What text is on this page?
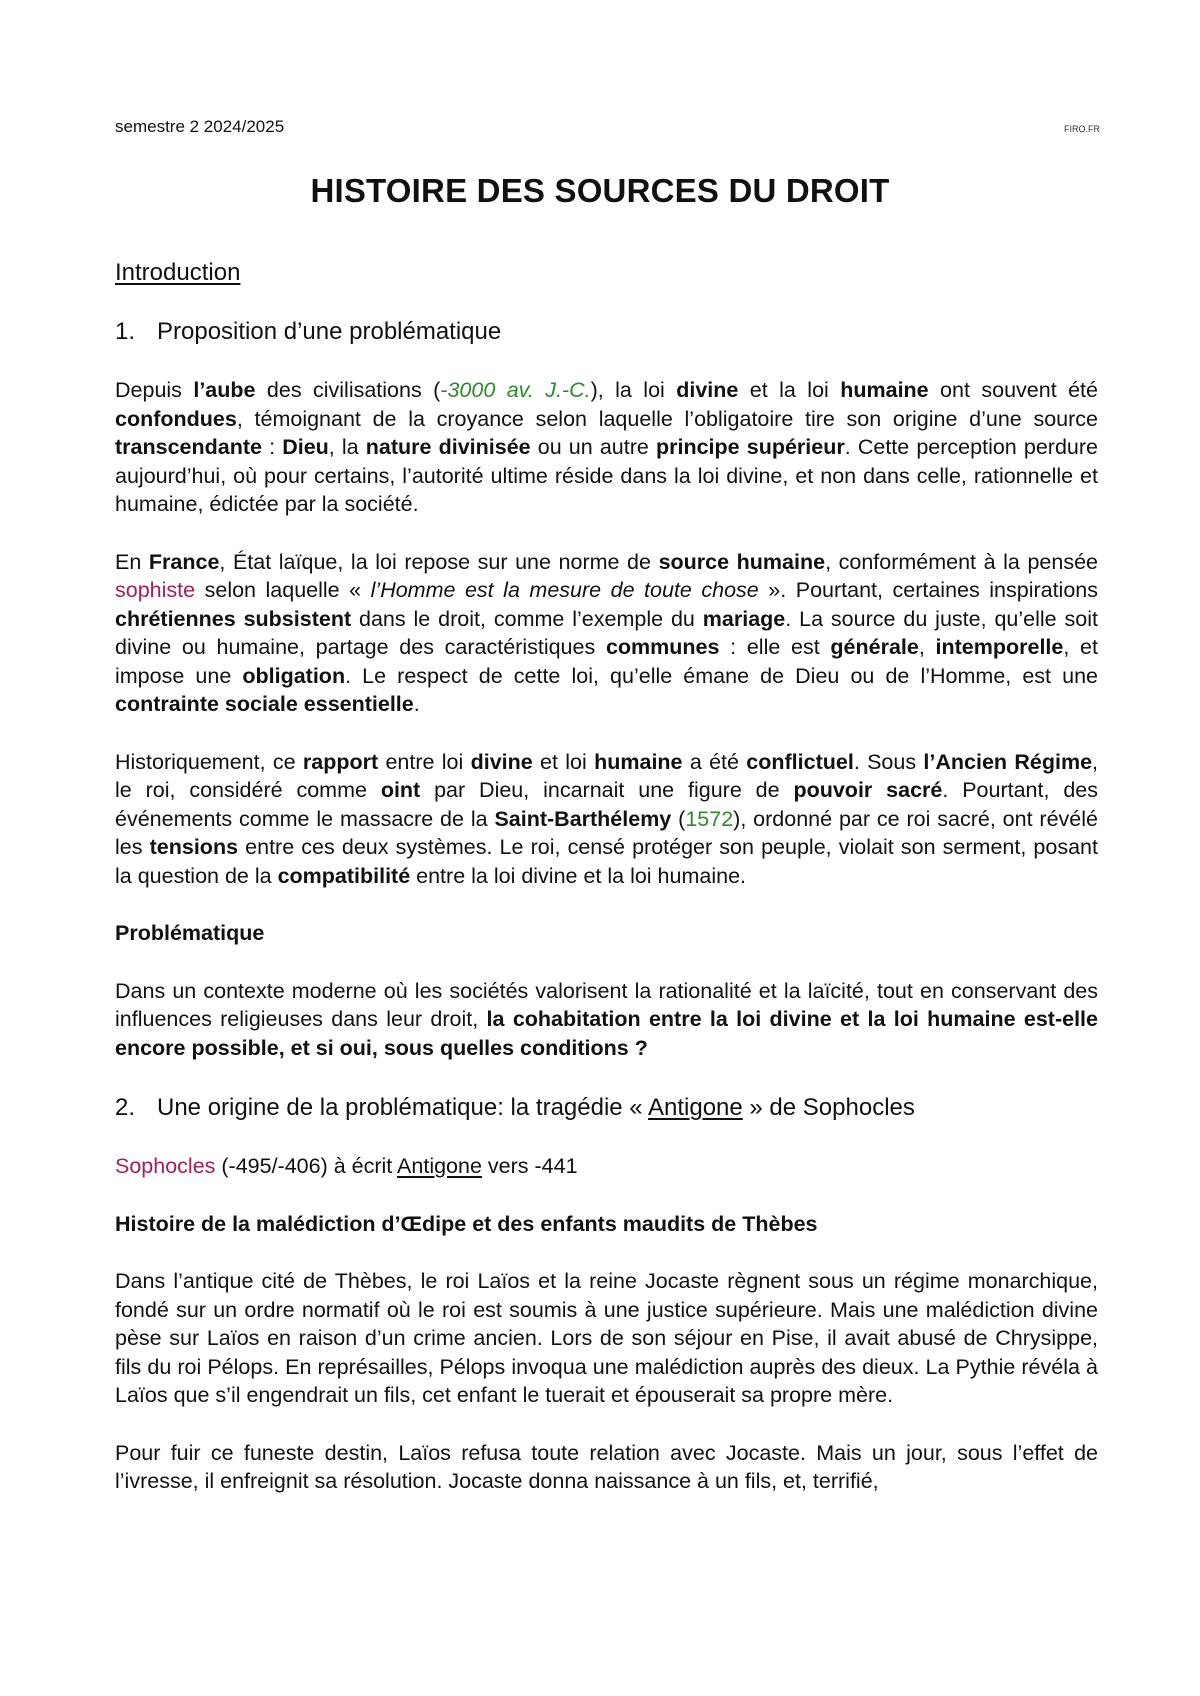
semestre 2 2024/2025	FIRO.FR
HISTOIRE DES SOURCES DU DROIT

Introduction

1. Proposition d’une problématique

Depuis l’aube des civilisations (-3000 av. J.-C.), la loi divine et la loi humaine ont souvent été confondues, témoignant de la croyance selon laquelle l’obligatoire tire son origine d’une source transcendante : Dieu, la nature divinisée ou un autre principe supérieur. Cette perception perdure aujourd’hui, où pour certains, l’autorité ultime réside dans la loi divine, et non dans celle, rationnelle et humaine, édictée par la société.

En France, État laïque, la loi repose sur une norme de source humaine, conformément à la pensée sophiste selon laquelle « l’Homme est la mesure de toute chose ». Pourtant, certaines inspirations chrétiennes subsistent dans le droit, comme l’exemple du mariage. La source du juste, qu’elle soit divine ou humaine, partage des caractéristiques communes : elle est générale, intemporelle, et impose une obligation. Le respect de cette loi, qu’elle émane de Dieu ou de l’Homme, est une contrainte sociale essentielle.

Historiquement, ce rapport entre loi divine et loi humaine a été conflictuel. Sous l’Ancien Régime, le roi, considéré comme oint par Dieu, incarnait une figure de pouvoir sacré. Pourtant, des événements comme le massacre de la Saint-Barthélemy (1572), ordonné par ce roi sacré, ont révélé les tensions entre ces deux systèmes. Le roi, censé protéger son peuple, violait son serment, posant la question de la compatibilité entre la loi divine et la loi humaine.

Problématique

Dans un contexte moderne où les sociétés valorisent la rationalité et la laïcité, tout en conservant des influences religieuses dans leur droit, la cohabitation entre la loi divine et la loi humaine est-elle encore possible, et si oui, sous quelles conditions ?

2. Une origine de la problématique: la tragédie « Antigone » de Sophocles

Sophocles (-495/-406) à écrit Antigone vers -441

Histoire de la malédiction d’Œdipe et des enfants maudits de Thèbes

Dans l’antique cité de Thèbes, le roi Laïos et la reine Jocaste règnent sous un régime monarchique, fondé sur un ordre normatif où le roi est soumis à une justice supérieure. Mais une malédiction divine pèse sur Laïos en raison d’un crime ancien. Lors de son séjour en Pise, il avait abusé de Chrysippe, fils du roi Pélops. En représailles, Pélops invoqua une malédiction auprès des dieux. La Pythie révéla à Laïos que s’il engendrait un fils, cet enfant le tuerait et épouserait sa propre mère.

Pour fuir ce funeste destin, Laïos refusa toute relation avec Jocaste. Mais un jour, sous l’effet de l’ivresse, il enfreignit sa résolution. Jocaste donna naissance à un fils, et, terrifié,
